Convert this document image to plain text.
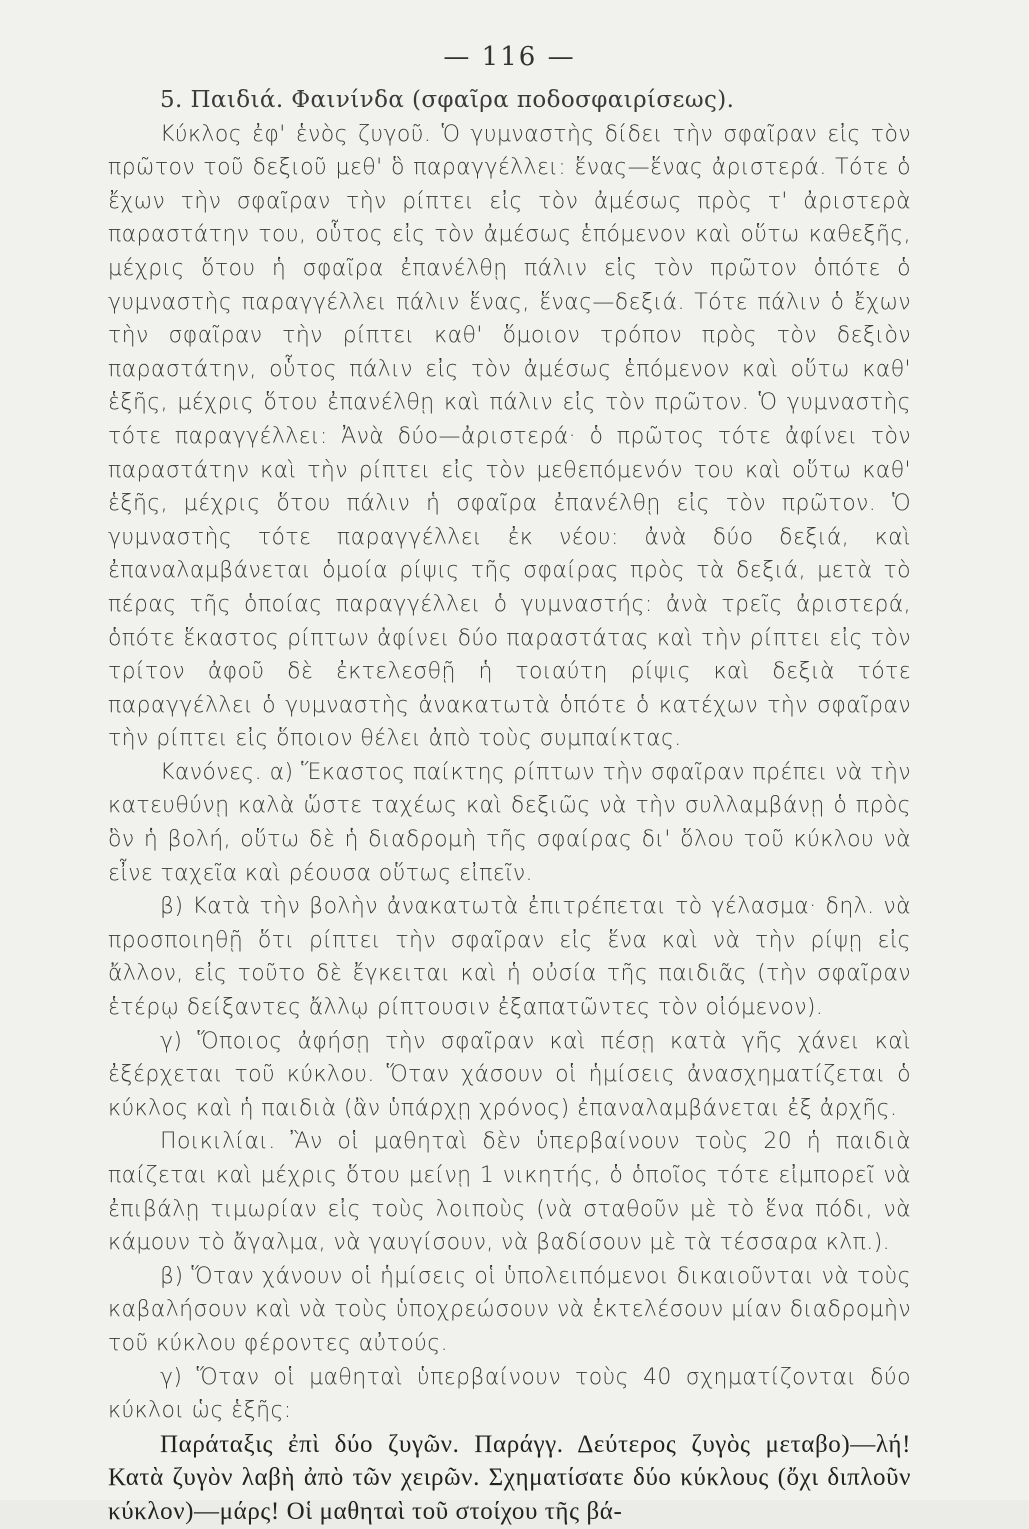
— 116 —

5. Παιδιά. Φαινίνδα (σφαῖρα ποδοσφαιρίσεως).

Κύκλος ἐφ' ἑνὸς ζυγοῦ. Ὁ γυμναστὴς δίδει τὴν σφαῖραν εἰς τὸν πρῶτον τοῦ δεξιοῦ μεθ' ὃ παραγγέλλει: ἕνας—ἕνας ἀριστερά. Τότε ὁ ἔχων τὴν σφαῖραν τὴν ρίπτει εἰς τὸν ἀμέσως πρὸς τ' ἀριστερὰ παραστάτην του, οὗτος εἰς τὸν ἀμέσως ἑπόμενον καὶ οὕτω καθεξῆς, μέχρις ὅτου ἡ σφαῖρα ἐπανέλθῃ πάλιν εἰς τὸν πρῶτον ὁπότε ὁ γυμναστὴς παραγγέλλει πάλιν ἕνας, ἕνας—δεξιά. Τότε πάλιν ὁ ἔχων τὴν σφαῖραν τὴν ρίπτει καθ' ὅμοιον τρόπον πρὸς τὸν δεξιὸν παραστάτην, οὗτος πάλιν εἰς τὸν ἀμέσως ἑπόμενον καὶ οὕτω καθ' ἑξῆς, μέχρις ὅτου ἐπανέλθῃ καὶ πάλιν εἰς τὸν πρῶτον. Ὁ γυμναστὴς τότε παραγγέλλει: Ἀνὰ δύο—ἀριστερά· ὁ πρῶτος τότε ἀφίνει τὸν παραστάτην καὶ τὴν ρίπτει εἰς τὸν μεθεπόμενόν του καὶ οὕτω καθ' ἑξῆς, μέχρις ὅτου πάλιν ἡ σφαῖρα ἐπανέλθῃ εἰς τὸν πρῶτον. Ὁ γυμναστὴς τότε παραγγέλλει ἐκ νέου: ἀνὰ δύο δεξιά, καὶ ἐπαναλαμβάνεται ὁμοία ρίψις τῆς σφαίρας πρὸς τὰ δεξιά, μετὰ τὸ πέρας τῆς ὁποίας παραγγέλλει ὁ γυμναστής: ἀνὰ τρεῖς ἀριστερά, ὁπότε ἕκαστος ρίπτων ἀφίνει δύο παραστάτας καὶ τὴν ρίπτει εἰς τὸν τρίτον ἀφοῦ δὲ ἐκτελεσθῇ ἡ τοιαύτη ρίψις καὶ δεξιὰ τότε παραγγέλλει ὁ γυμναστὴς ἀνακατωτὰ ὁπότε ὁ κατέχων τὴν σφαῖραν τὴν ρίπτει εἰς ὅποιον θέλει ἀπὸ τοὺς συμπαίκτας.

Κανόνες. α) Ἕκαστος παίκτης ρίπτων τὴν σφαῖραν πρέπει νὰ τὴν κατευθύνῃ καλὰ ὥστε ταχέως καὶ δεξιῶς νὰ τὴν συλλαμβάνῃ ὁ πρὸς ὃν ἡ βολή, οὕτω δὲ ἡ διαδρομὴ τῆς σφαίρας δι' ὅλου τοῦ κύκλου νὰ εἶνε ταχεῖα καὶ ρέουσα οὕτως εἰπεῖν.

β) Κατὰ τὴν βολὴν ἀνακατωτὰ ἐπιτρέπεται τὸ γέλασμα· δηλ. νὰ προσποιηθῇ ὅτι ρίπτει τὴν σφαῖραν εἰς ἕνα καὶ νὰ τὴν ρίψῃ εἰς ἄλλον, εἰς τοῦτο δὲ ἔγκειται καὶ ἡ οὐσία τῆς παιδιᾶς (τὴν σφαῖραν ἑτέρῳ δείξαντες ἄλλῳ ρίπτουσιν ἐξαπατῶντες τὸν οἰόμενον).

γ) Ὅποιος ἀφήσῃ τὴν σφαῖραν καὶ πέσῃ κατὰ γῆς χάνει καὶ ἐξέρχεται τοῦ κύκλου. Ὅταν χάσουν οἱ ἡμίσεις ἀνασχηματίζεται ὁ κύκλος καὶ ἡ παιδιὰ (ἂν ὑπάρχῃ χρόνος) ἐπαναλαμβάνεται ἐξ ἀρχῆς.

Ποικιλίαι. Ἂν οἱ μαθηταὶ δὲν ὑπερβαίνουν τοὺς 20 ἡ παιδιὰ παίζεται καὶ μέχρις ὅτου μείνῃ 1 νικητής, ὁ ὁποῖος τότε εἰμπορεῖ νὰ ἐπιβάλῃ τιμωρίαν εἰς τοὺς λοιποὺς (νὰ σταθοῦν μὲ τὸ ἕνα πόδι, νὰ κάμουν τὸ ἄγαλμα, νὰ γαυγίσουν, νὰ βαδίσουν μὲ τὰ τέσσαρα κλπ.).

β) Ὅταν χάνουν οἱ ἡμίσεις οἱ ὑπολειπόμενοι δικαιοῦνται νὰ τοὺς καβαλήσουν καὶ νὰ τοὺς ὑποχρεώσουν νὰ ἐκτελέσουν μίαν διαδρομὴν τοῦ κύκλου φέροντες αὐτούς.

γ) Ὅταν οἱ μαθηταὶ ὑπερβαίνουν τοὺς 40 σχηματίζονται δύο κύκλοι ὡς ἑξῆς:

Παράταξις ἐπὶ δύο ζυγῶν. Παράγγ. Δεύτερος ζυγὸς μεταβο)—λή! Κατὰ ζυγὸν λαβὴ ἀπὸ τῶν χειρῶν. Σχηματίσατε δύο κύκλους (ὄχι διπλοῦν κύκλον)—μάρς! Οἱ μαθηταὶ τοῦ στοίχου τῆς βά-
